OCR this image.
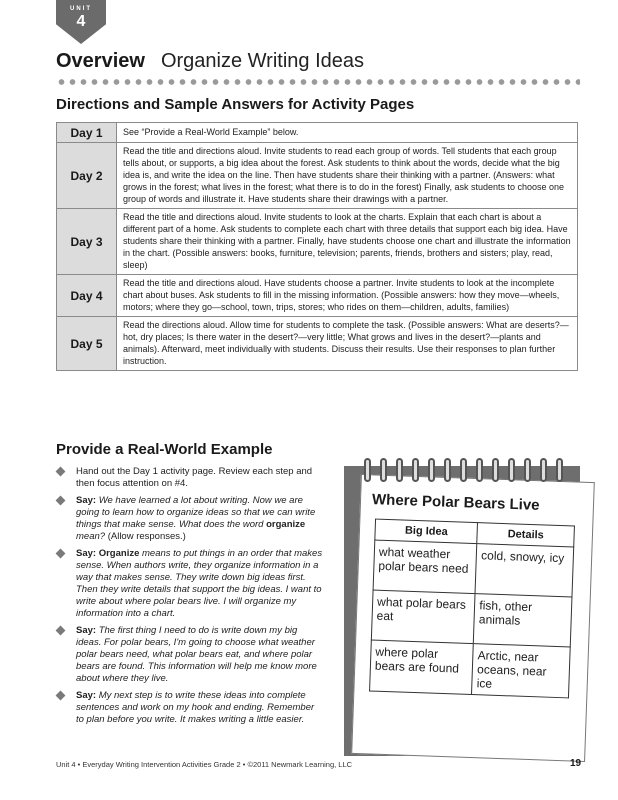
UNIT
4
Overview Organize Writing Ideas
Directions and Sample Answers for Activity Pages
Day 1	See “Provide a Real-World Example” below.
Day 2	Read the title and directions aloud. Invite students to read each group of words. Tell students that each group tells about, or supports, a big idea about the forest. Ask students to think about the words, decide what the big idea is, and write the idea on the line. Then have students share their thinking with a partner. (Answers: what grows in the forest; what lives in the forest; what there is to do in the forest) Finally, ask students to choose one group of words and illustrate it. Have students share their drawings with a partner.
Day 3	Read the title and directions aloud. Invite students to look at the charts. Explain that each chart is about a different part of a home. Ask students to complete each chart with three details that support each big idea. Have students share their thinking with a partner. Finally, have students choose one chart and illustrate the information in the chart. (Possible answers: books, furniture, television; parents, friends, brothers and sisters; play, read, sleep)
Day 4	Read the title and directions aloud. Have students choose a partner. Invite students to look at the incomplete chart about buses. Ask students to fill in the missing information. (Possible answers: how they move—wheels, motors; where they go—school, town, trips, stores; who rides on them—children, adults, families)
Day 5	Read the directions aloud. Allow time for students to complete the task. (Possible answers: What are deserts?—hot, dry places; Is there water in the desert?—very little; What grows and lives in the desert?—plants and animals). Afterward, meet individually with students. Discuss their results. Use their responses to plan further instruction.
Provide a Real-World Example
Hand out the Day 1 activity page. Review each step and then focus attention on #4.
Say: We have learned a lot about writing. Now we are going to learn how to organize ideas so that we can write things that make sense. What does the word organize mean? (Allow responses.)
Say: Organize means to put things in an order that makes sense. When authors write, they organize information in a way that makes sense. They write down big ideas first. Then they write details that support the big ideas. I want to write about where polar bears live. I will organize my information into a chart.
Say: The first thing I need to do is write down my big ideas. For polar bears, I'm going to choose what weather polar bears need, what polar bears eat, and where polar bears are found. This information will help me know more about where they live.
Say: My next step is to write these ideas into complete sentences and work on my hook and ending. Remember to plan before you write. It makes writing a little easier.
Where Polar Bears Live
Big Idea	Details
what weather polar bears need	cold, snowy, icy
what polar bears eat	fish, other animals
where polar bears are found	Arctic, near oceans, near ice
Unit 4 • Everyday Writing Intervention Activities Grade 2 • ©2011 Newmark Learning, LLC	19
